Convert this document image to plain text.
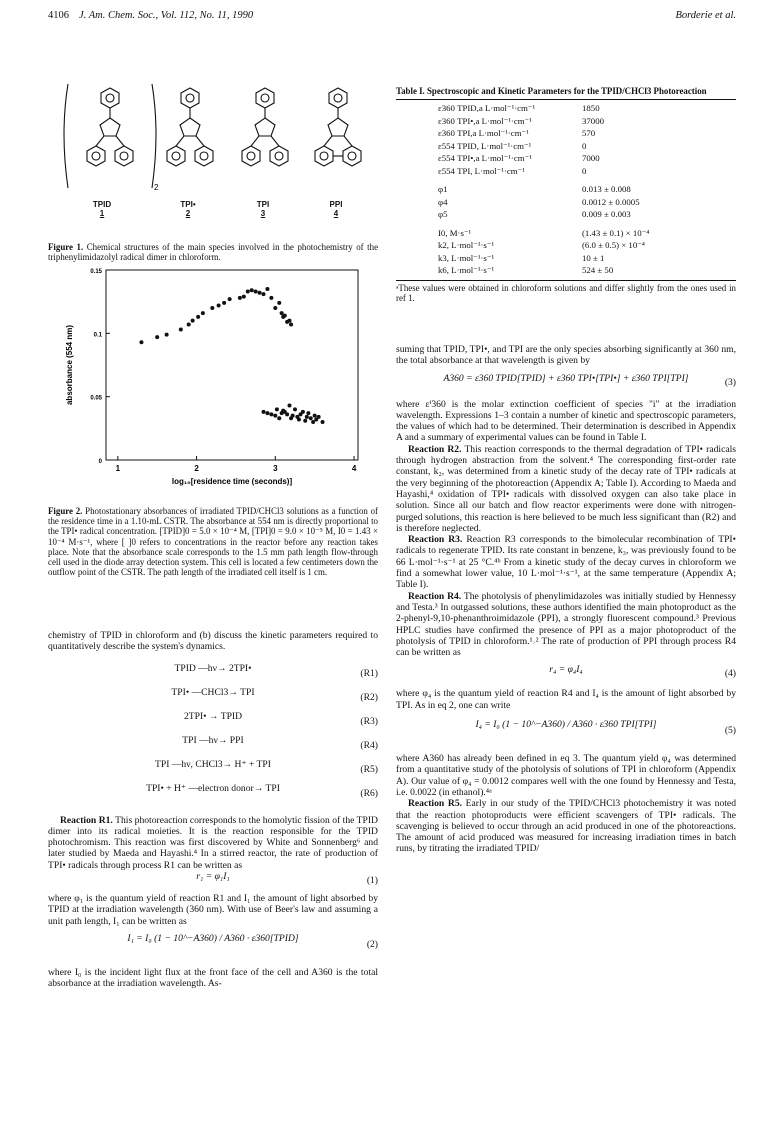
4106 J. Am. Chem. Soc., Vol. 112, No. 11, 1990	Borderie et al.
2
TPID
1
TPI•
2
TPI
3
PPI
4
Figure 1. Chemical structures of the main species involved in the photochemistry of the triphenylimidazolyl radical dimer in chloroform.
1	2	3	4
0
0.05
0.1
0.15
log₁₀[residence time (seconds)]
absorbance (554 nm)
Figure 2. Photostationary absorbances of irradiated TPID/CHCl3 solutions as a function of the residence time in a 1.10-mL CSTR. The absorbance at 554 nm is directly proportional to the TPI• radical concentration. [TPID]0 = 5.0 × 10⁻⁴ M, [TPI]0 = 9.0 × 10⁻⁵ M, I0 = 1.43 × 10⁻⁴ M·s⁻¹, where [ ]0 refers to concentrations in the reactor before any reaction takes place. Note that the absorbance scale corresponds to the 1.5 mm path length flow-through cell used in the diode array detection system. This cell is located a few centimeters down the outflow point of the CSTR. The path length of the irradiated cell itself is 1 cm.

chemistry of TPID in chloroform and (b) discuss the kinetic parameters required to quantitatively describe the system's dynamics.

TPID —hν→ 2TPI•	(R1)
TPI• —CHCl3→ TPI	(R2)
2TPI• → TPID	(R3)
TPI —hν→ PPI	(R4)
TPI —hν, CHCl3→ H⁺ + TPI	(R5)
TPI• + H⁺ —electron donor→ TPI	(R6)

Reaction R1. This photoreaction corresponds to the homolytic fission of the TPID dimer into its radical moieties. It is the reaction responsible for the TPID photochromism. This reaction was first discovered by White and Sonnenberg⁶ and later studied by Maeda and Hayashi.⁴ In a stirred reactor, the rate of production of TPI• radicals through process R1 can be written as

r₁ = φ₁I₁	(1)

where φ₁ is the quantum yield of reaction R1 and I₁ the amount of light absorbed by TPID at the irradiation wavelength (360 nm). With use of Beer's law and assuming a unit path length, I₁ can be written as

I₁ = I₀ (1 − 10^−A360) / A360 · ε360[TPID]
(2)

where I₀ is the incident light flux at the front face of the cell and A360 is the total absorbance at the irradiation wavelength. As-

Table I. Spectroscopic and Kinetic Parameters for the TPID/CHCl3 Photoreaction
ε360 TPID,a L·mol⁻¹·cm⁻¹	1850
ε360 TPI•,a L·mol⁻¹·cm⁻¹	37000
ε360 TPI,a L·mol⁻¹·cm⁻¹	570
ε554 TPID, L·mol⁻¹·cm⁻¹	0
ε554 TPI•,a L·mol⁻¹·cm⁻¹	7000
ε554 TPI, L·mol⁻¹·cm⁻¹	0
φ1	0.013 ± 0.008
φ4	0.0012 ± 0.0005
φ5	0.009 ± 0.003
I0, M·s⁻¹	(1.43 ± 0.1) × 10⁻⁴
k2, L·mol⁻¹·s⁻¹	(6.0 ± 0.5) × 10⁻⁴
k3, L·mol⁻¹·s⁻¹	10 ± 1
k6, L·mol⁻¹·s⁻¹	524 ± 50
ᵃThese values were obtained in chloroform solutions and differ slightly from the ones used in ref 1.

suming that TPID, TPI•, and TPI are the only species absorbing significantly at 360 nm, the total absorbance at that wavelength is given by

A360 = ε360 TPID[TPID] + ε360 TPI•[TPI•] + ε360 TPI[TPI]	(3)

where εⁱ360 is the molar extinction coefficient of species "i" at the irradiation wavelength. Expressions 1–3 contain a number of kinetic and spectroscopic parameters, the values of which had to be determined. Their determination is described in Appendix A and a summary of experimental values can be found in Table I.

Reaction R2. This reaction corresponds to the thermal degradation of TPI• radicals through hydrogen abstraction from the solvent.⁴ The corresponding first-order rate constant, k₂, was determined from a kinetic study of the decay rate of TPI• radicals at the very beginning of the photoreaction (Appendix A; Table I). According to Maeda and Hayashi,⁴ oxidation of TPI• radicals with dissolved oxygen can also take place in solution. Since all our batch and flow reactor experiments were done with nitrogen-purged solutions, this reaction is here believed to be much less significant than (R2) and is therefore neglected.

Reaction R3. Reaction R3 corresponds to the bimolecular recombination of TPI• radicals to regenerate TPID. Its rate constant in benzene, k₃, was previously found to be 66 L·mol⁻¹·s⁻¹ at 25 °C.⁴ᵇ From a kinetic study of the decay curves in chloroform we find a somewhat lower value, 10 L·mol⁻¹·s⁻¹, at the same temperature (Appendix A; Table I).

Reaction R4. The photolysis of phenylimidazoles was initially studied by Hennessy and Testa.³ In outgassed solutions, these authors identified the main photoproduct as the 2-phenyl-9,10-phenanthroimidazole (PPI), a strongly fluorescent compound.³ Previous HPLC studies have confirmed the presence of PPI as a major photoproduct of the photolysis of TPID in chloroform.¹˒² The rate of production of PPI through process R4 can be written as

r₄ = φ₄I₄	(4)

where φ₄ is the quantum yield of reaction R4 and I₄ is the amount of light absorbed by TPI. As in eq 2, one can write

I₄ = I₀ (1 − 10^−A360) / A360 · ε360 TPI[TPI]
(5)

where A360 has already been defined in eq 3. The quantum yield φ₄ was determined from a quantitative study of the photolysis of solutions of TPI in chloroform (Appendix A). Our value of φ₄ = 0.0012 compares well with the one found by Hennessy and Testa, i.e. 0.0022 (in ethanol).⁴ᵃ

Reaction R5. Early in our study of the TPID/CHCl3 photochemistry it was noted that the reaction photoproducts were efficient scavengers of TPI• radicals. The scavenging is believed to occur through an acid produced in one of the photoreactions. The amount of acid produced was measured for increasing irradiation times in batch runs, by titrating the irradiated TPID/
